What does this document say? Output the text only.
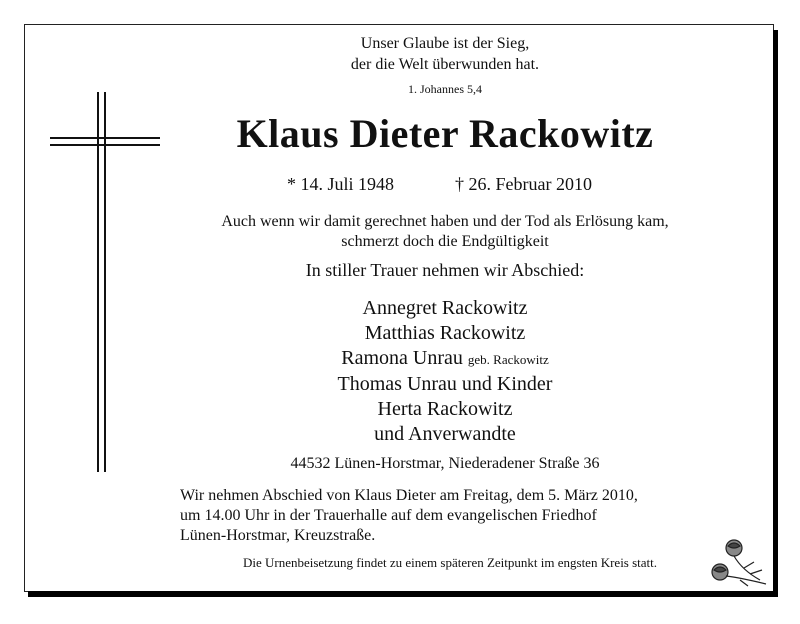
Unser Glaube ist der Sieg,
der die Welt überwunden hat.
1. Johannes 5,4
Klaus Dieter Rackowitz
* 14. Juli 1948	† 26. Februar 2010
Auch wenn wir damit gerechnet haben und der Tod als Erlösung kam,
schmerzt doch die Endgültigkeit
In stiller Trauer nehmen wir Abschied:
Annegret Rackowitz
Matthias Rackowitz
Ramona Unrau geb. Rackowitz
Thomas Unrau und Kinder
Herta Rackowitz
und Anverwandte
44532 Lünen-Horstmar, Niederadener Straße 36
Wir nehmen Abschied von Klaus Dieter am Freitag, dem 5. März 2010,
um 14.00 Uhr in der Trauerhalle auf dem evangelischen Friedhof
Lünen-Horstmar, Kreuzstraße.
Die Urnenbeisetzung findet zu einem späteren Zeitpunkt im engsten Kreis statt.
